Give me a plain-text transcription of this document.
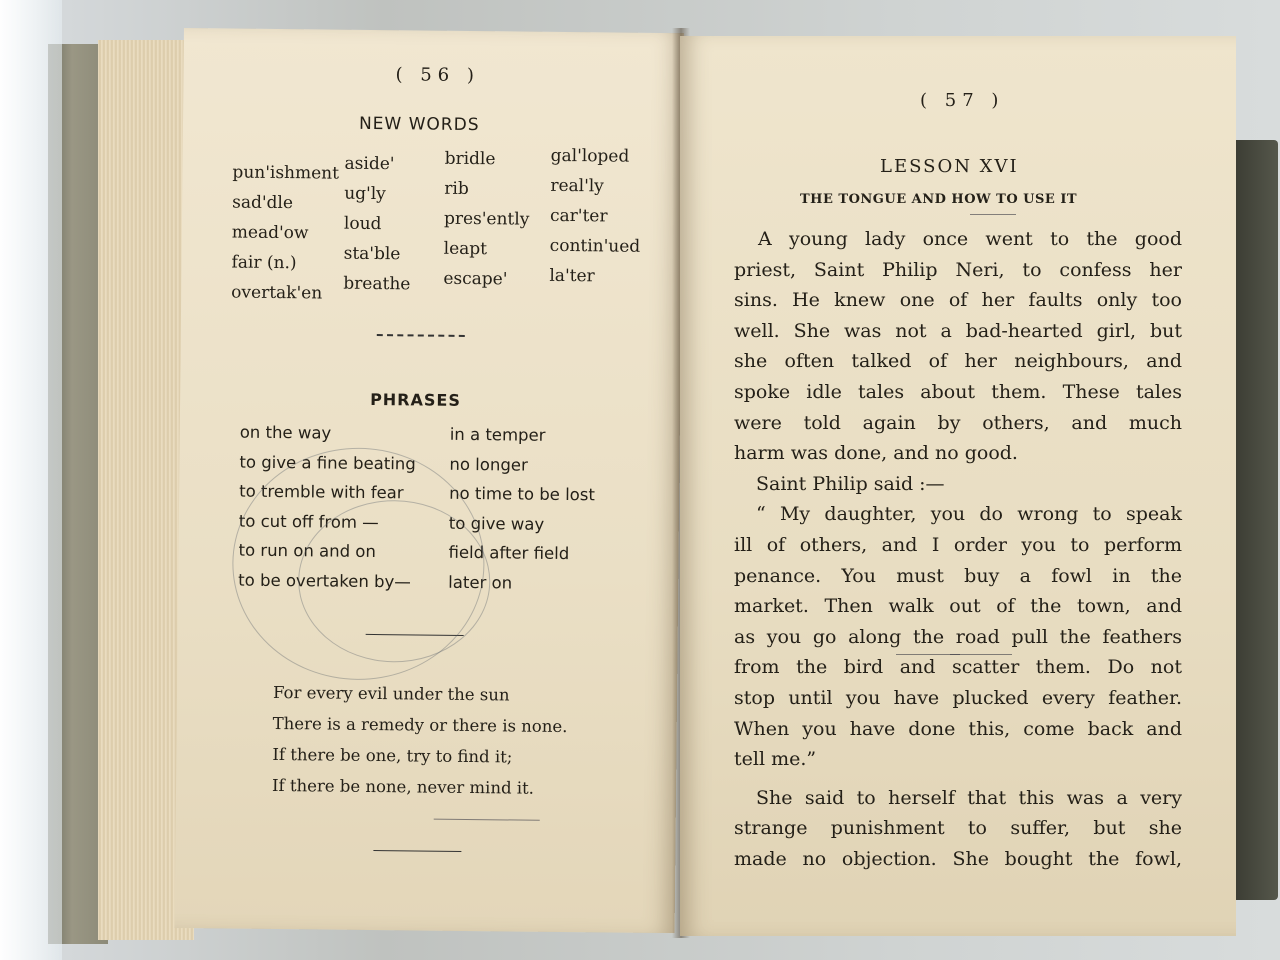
( 56 )
NEW WORDS
pun'ishment
sad'dle
mead'ow
fair (n.)
overtak'en
aside'
ug'ly
loud
sta'ble
breathe
bridle
rib
pres'ently
leapt
escape'
gal'loped
real'ly
car'ter
contin'ued
la'ter
PHRASES
on the way
to give a fine beating
to tremble with fear
to cut off from —
to run on and on
to be overtaken by—
in a temper
no longer
no time to be lost
to give way
field after field
later on
For every evil under the sun
There is a remedy or there is none.
If there be one, try to find it;
If there be none, never mind it.
( 57 )
LESSON XVI
THE TONGUE AND HOW TO USE IT
A young lady once went to the good
priest, Saint Philip Neri, to confess her
sins. He knew one of her faults only too
well. She was not a bad-hearted girl, but
she often talked of her neighbours, and
spoke idle tales about them. These tales
were told again by others, and much
harm was done, and no good.
Saint Philip said :—
“ My daughter, you do wrong to speak
ill of others, and I order you to perform
penance. You must buy a fowl in the
market. Then walk out of the town, and
as you go along the road pull the feathers
from the bird and scatter them. Do not
stop until you have plucked every feather.
When you have done this, come back and
tell me.”
She said to herself that this was a very
strange punishment to suffer, but she
made no objection. She bought the fowl,
